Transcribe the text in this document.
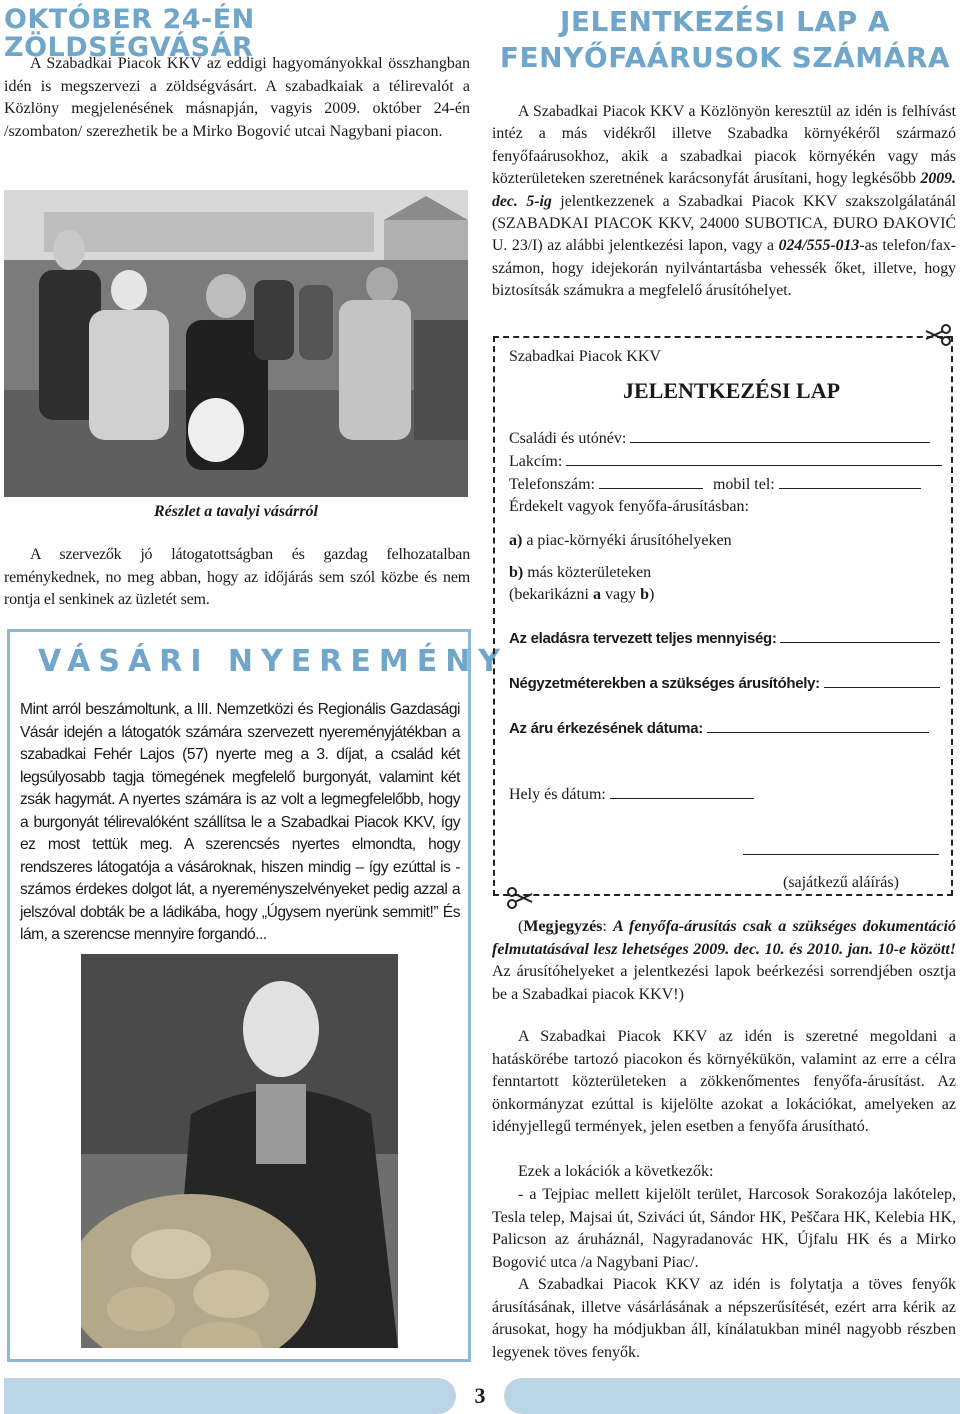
OKTÓBER 24-ÉN ZÖLDSÉGVÁSÁR

A Szabadkai Piacok KKV az eddigi hagyományokkal összhangban idén is megszervezi a zöldségvásárt. A szabadkaiak a télirevalót a Közlöny megjelenésének másnapján, vagyis 2009. október 24-én /szombaton/ szerezhetik be a Mirko Bogović utcai Nagybani piacon.

Részlet a tavalyi vásárról

A szervezők jó látogatottságban és gazdag felhozatalban reménykednek, no meg abban, hogy az időjárás sem szól közbe és nem rontja el senkinek az üzletét sem.

VÁSÁRI NYEREMÉNY

Mint arról beszámoltunk, a III. Nemzetközi és Regionális Gazdasági Vásár idején a látogatók számára szervezett nyereményjátékban a szabadkai Fehér Lajos (57) nyerte meg a 3. díjat, a család két legsúlyosabb tagja tömegének megfelelő burgonyát, valamint két zsák hagymát. A nyertes számára is az volt a legmegfelelőbb, hogy a burgonyát télirevalóként szállítsa le a Szabadkai Piacok KKV, így ez most tettük meg. A szerencsés nyertes elmondta, hogy rendszeres látogatója a vásároknak, hiszen mindig – így ezúttal is - számos érdekes dolgot lát, a nyereményszelvényeket pedig azzal a jelszóval dobták be a ládikába, hogy „Úgysem nyerünk semmit!” És lám, a szerencse mennyire forgandó...

JELENTKEZÉSI LAP A
FENYŐFAÁRUSOK SZÁMÁRA

A Szabadkai Piacok KKV a Közlönyön keresztül az idén is felhívást intéz a más vidékről illetve Szabadka környékéről származó fenyőfaárusokhoz, akik a szabadkai piacok környékén vagy más közterületeken szeretnének karácsonyfát árusítani, hogy legkésőbb 2009. dec. 5-ig jelentkezzenek a Szabadkai Piacok KKV szakszolgálatánál (SZABADKAI PIACOK KKV, 24000 SUBOTICA, ĐURO ĐAKOVIĆ U. 23/I) az alábbi jelentkezési lapon, vagy a 024/555-013-as telefon/fax-számon, hogy idejekorán nyilvántartásba vehessék őket, illetve, hogy biztosítsák számukra a megfelelő árusítóhelyet.

Szabadkai Piacok KKV
JELENTKEZÉSI LAP
Családi és utónév:
Lakcím:
Telefonszám:	mobil tel:
Érdekelt vagyok fenyőfa-árusításban:
a) a piac-környéki árusítóhelyeken
b) más közterületeken
(bekarikázni a vagy b)
Az eladásra tervezett teljes mennyiség:
Négyzetméterekben a szükséges árusítóhely:
Az áru érkezésének dátuma:
Hely és dátum:
(sajátkezű aláírás)

(Megjegyzés: A fenyőfa-árusítás csak a szükséges dokumentáció felmutatásával lesz lehetséges 2009. dec. 10. és 2010. jan. 10-e között! Az árusítóhelyeket a jelentkezési lapok beérkezési sorrendjében osztja be a Szabadkai piacok KKV!)

A Szabadkai Piacok KKV az idén is szeretné megoldani a hatáskörébe tartozó piacokon és környékükön, valamint az erre a célra fenntartott közterületeken a zökkenőmentes fenyőfa-árusítást. Az önkormányzat ezúttal is kijelölte azokat a lokációkat, amelyeken az idényjellegű termények, jelen esetben a fenyőfa árusítható.

Ezek a lokációk a következők:

- a Tejpiac mellett kijelölt terület, Harcosok Sorakozója lakótelep, Tesla telep, Majsai út, Sziváci út, Sándor HK, Peščara HK, Kelebia HK, Palicson az áruháznál, Nagyradanovác HK, Újfalu HK és a Mirko Bogović utca /a Nagybani Piac/.

A Szabadkai Piacok KKV az idén is folytatja a töves fenyők árusításának, illetve vásárlásának a népszerűsítését, ezért arra kérik az árusokat, hogy ha módjukban áll, kínálatukban minél nagyobb részben legyenek töves fenyők.

3
